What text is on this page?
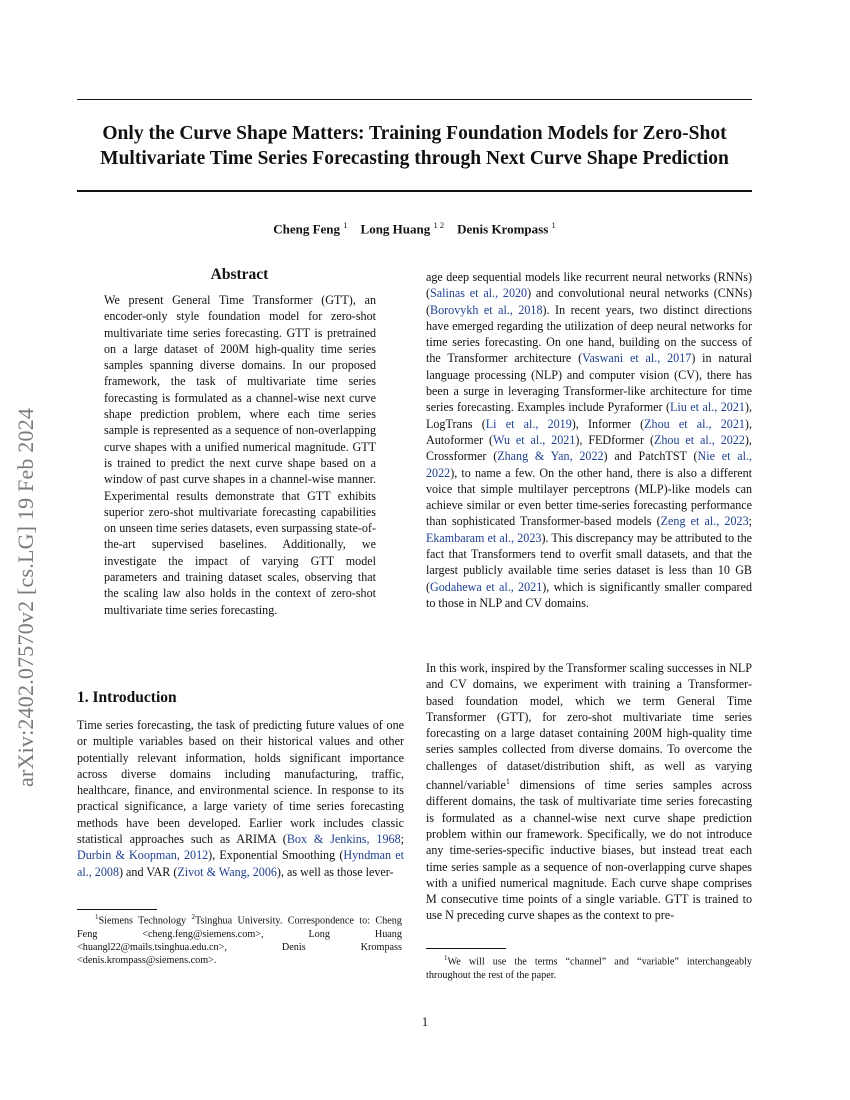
Only the Curve Shape Matters: Training Foundation Models for Zero-Shot Multivariate Time Series Forecasting through Next Curve Shape Prediction
Cheng Feng $^1$ Long Huang $^{1 2}$ Denis Krompass $^1$
arXiv:2402.07570v2 [cs.LG] 19 Feb 2024
Abstract
We present General Time Transformer (GTT), an encoder-only style foundation model for zero-shot multivariate time series forecasting. GTT is pretrained on a large dataset of 200M high-quality time series samples spanning diverse domains. In our proposed framework, the task of multivariate time series forecasting is formulated as a channel-wise next curve shape prediction problem, where each time series sample is represented as a sequence of non-overlapping curve shapes with a unified numerical magnitude. GTT is trained to predict the next curve shape based on a window of past curve shapes in a channel-wise manner. Experimental results demonstrate that GTT exhibits superior zero-shot multivariate forecasting capabilities on unseen time series datasets, even surpassing state-of-the-art supervised baselines. Additionally, we investigate the impact of varying GTT model parameters and training dataset scales, observing that the scaling law also holds in the context of zero-shot multivariate time series forecasting.
1. Introduction
Time series forecasting, the task of predicting future values of one or multiple variables based on their historical values and other potentially relevant information, holds significant importance across diverse domains including manufacturing, traffic, healthcare, finance, and environmental science. In response to its practical significance, a large variety of time series forecasting methods have been developed. Earlier work includes classic statistical approaches such as ARIMA (Box & Jenkins, 1968; Durbin & Koopman, 2012), Exponential Smoothing (Hyndman et al., 2008) and VAR (Zivot & Wang, 2006), as well as those lever-
$^1$Siemens Technology $^2$Tsinghua University. Correspondence to: Cheng Feng <cheng.feng@siemens.com>, Long Huang <huangl22@mails.tsinghua.edu.cn>, Denis Krompass <denis.krompass@siemens.com>.
age deep sequential models like recurrent neural networks (RNNs) (Salinas et al., 2020) and convolutional neural networks (CNNs) (Borovykh et al., 2018). In recent years, two distinct directions have emerged regarding the utilization of deep neural networks for time series forecasting. On one hand, building on the success of the Transformer architecture (Vaswani et al., 2017) in natural language processing (NLP) and computer vision (CV), there has been a surge in leveraging Transformer-like architecture for time series forecasting. Examples include Pyraformer (Liu et al., 2021), LogTrans (Li et al., 2019), Informer (Zhou et al., 2021), Autoformer (Wu et al., 2021), FEDformer (Zhou et al., 2022), Crossformer (Zhang & Yan, 2022) and PatchTST (Nie et al., 2022), to name a few. On the other hand, there is also a different voice that simple multilayer perceptrons (MLP)-like models can achieve similar or even better time-series forecasting performance than sophisticated Transformer-based models (Zeng et al., 2023; Ekambaram et al., 2023). This discrepancy may be attributed to the fact that Transformers tend to overfit small datasets, and that the largest publicly available time series dataset is less than 10 GB (Godahewa et al., 2021), which is significantly smaller compared to those in NLP and CV domains.
In this work, inspired by the Transformer scaling successes in NLP and CV domains, we experiment with training a Transformer-based foundation model, which we term General Time Transformer (GTT), for zero-shot multivariate time series forecasting on a large dataset containing 200M high-quality time series samples collected from diverse domains. To overcome the challenges of dataset/distribution shift, as well as varying channel/variable$^1$ dimensions of time series samples across different domains, the task of multivariate time series forecasting is formulated as a channel-wise next curve shape prediction problem within our framework. Specifically, we do not introduce any time-series-specific inductive biases, but instead treat each time series sample as a sequence of non-overlapping curve shapes with a unified numerical magnitude. Each curve shape comprises M consecutive time points of a single variable. GTT is trained to use N preceding curve shapes as the context to pre-
$^1$We will use the terms “channel” and “variable” interchangeably throughout the rest of the paper.
1
